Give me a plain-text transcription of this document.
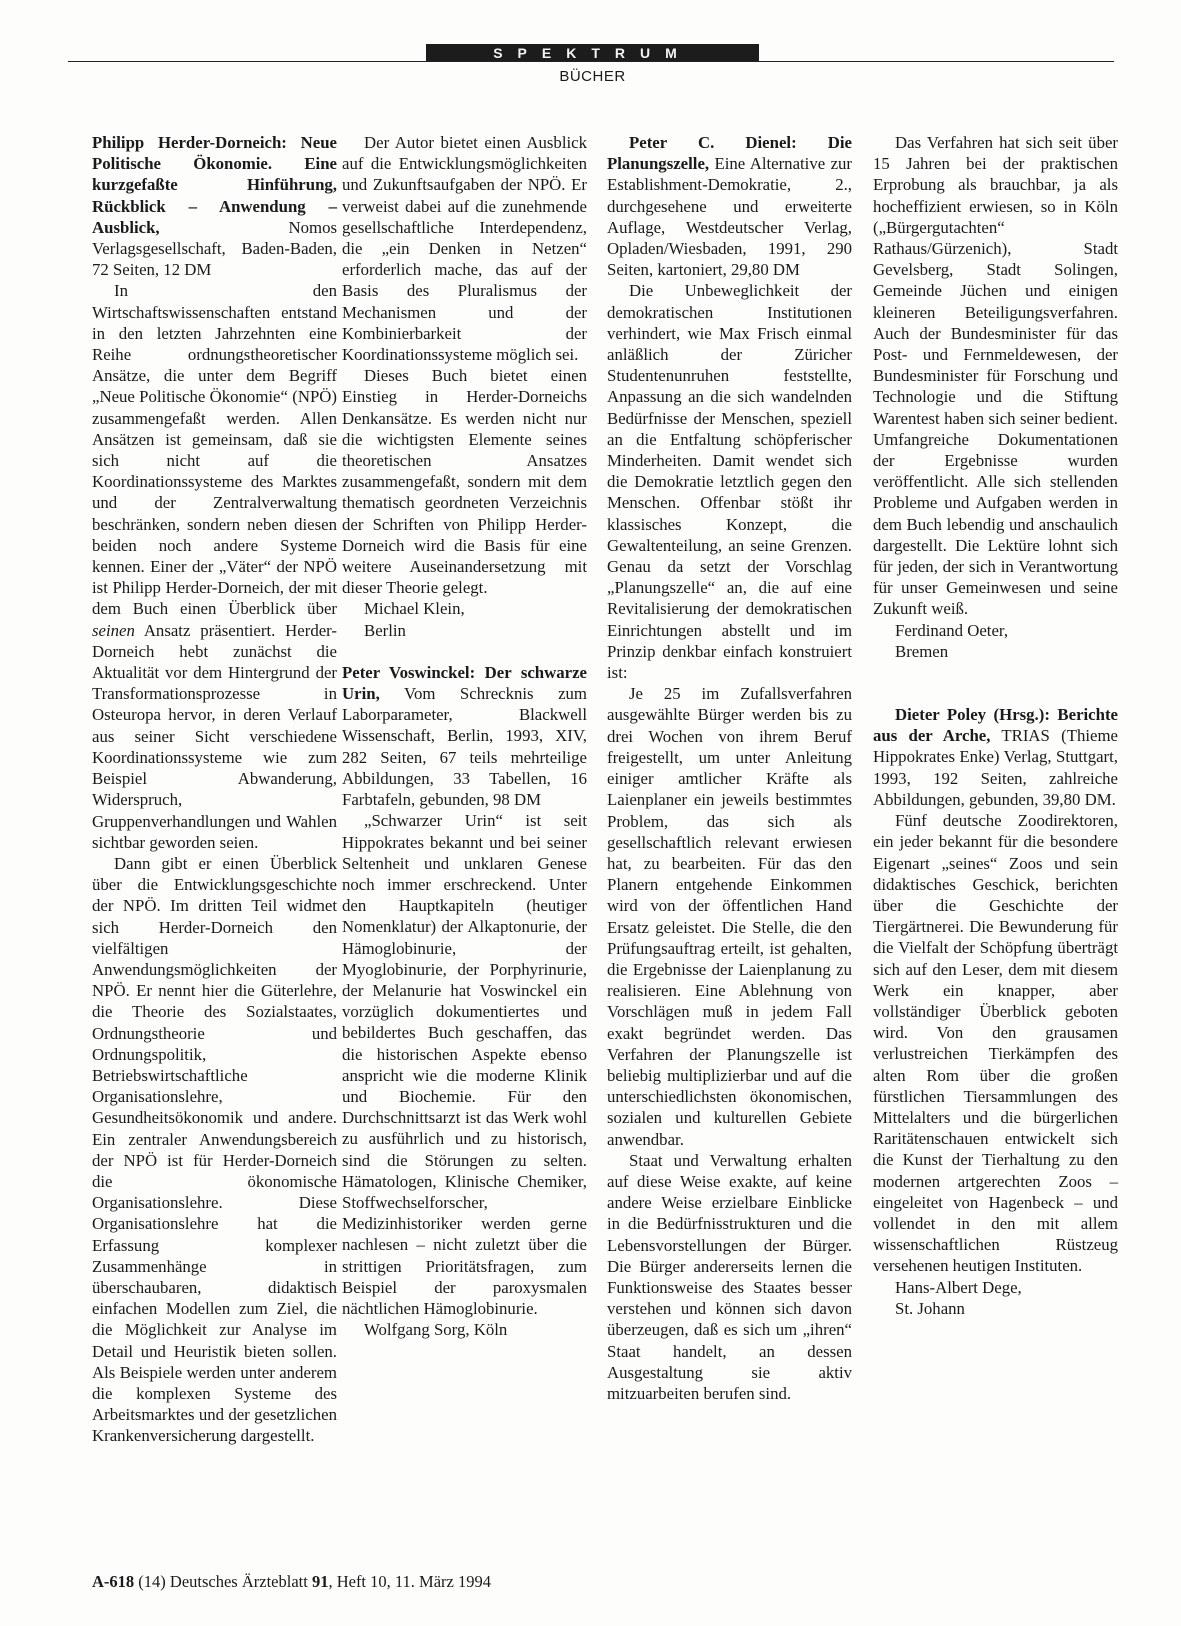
SPEKTRUM
BÜCHER

Philipp Herder-Dorneich: Neue Politische Ökonomie. Eine kurzgefaßte Hinführung, Rückblick – Anwendung – Ausblick, Nomos Verlagsgesellschaft, Baden-Baden, 72 Seiten, 12 DM

In den Wirtschaftswissenschaften entstand in den letzten Jahrzehnten eine Reihe ordnungstheoretischer Ansätze, die unter dem Begriff „Neue Politische Ökonomie“ (NPÖ) zusammengefaßt werden. Allen Ansätzen ist gemeinsam, daß sie sich nicht auf die Koordinationssysteme des Marktes und der Zentralverwaltung beschränken, sondern neben diesen beiden noch andere Systeme kennen. Einer der „Väter“ der NPÖ ist Philipp Herder-Dorneich, der mit dem Buch einen Überblick über seinen Ansatz präsentiert. Herder-Dorneich hebt zunächst die Aktualität vor dem Hintergrund der Transformationsprozesse in Osteuropa hervor, in deren Verlauf aus seiner Sicht verschiedene Koordinationssysteme wie zum Beispiel Abwanderung, Widerspruch, Gruppenverhandlungen und Wahlen sichtbar geworden seien.

Dann gibt er einen Überblick über die Entwicklungsgeschichte der NPÖ. Im dritten Teil widmet sich Herder-Dorneich den vielfältigen Anwendungsmöglichkeiten der NPÖ. Er nennt hier die Güterlehre, die Theorie des Sozialstaates, Ordnungstheorie und Ordnungspolitik, Betriebswirtschaftliche Organisationslehre, Gesundheitsökonomik und andere. Ein zentraler Anwendungsbereich der NPÖ ist für Herder-Dorneich die ökonomische Organisationslehre. Diese Organisationslehre hat die Erfassung komplexer Zusammenhänge in überschaubaren, didaktisch einfachen Modellen zum Ziel, die die Möglichkeit zur Analyse im Detail und Heuristik bieten sollen. Als Beispiele werden unter anderem die komplexen Systeme des Arbeitsmarktes und der gesetzlichen Krankenversicherung dargestellt.

Der Autor bietet einen Ausblick auf die Entwicklungsmöglichkeiten und Zukunftsaufgaben der NPÖ. Er verweist dabei auf die zunehmende gesellschaftliche Interdependenz, die „ein Denken in Netzen“ erforderlich mache, das auf der Basis des Pluralismus der Mechanismen und der Kombinierbarkeit der Koordinationssysteme möglich sei.

Dieses Buch bietet einen Einstieg in Herder-Dorneichs Denkansätze. Es werden nicht nur die wichtigsten Elemente seines theoretischen Ansatzes zusammengefaßt, sondern mit dem thematisch geordneten Verzeichnis der Schriften von Philipp Herder-Dorneich wird die Basis für eine weitere Auseinandersetzung mit dieser Theorie gelegt.

Michael Klein,

Berlin

Peter Voswinckel: Der schwarze Urin, Vom Schrecknis zum Laborparameter, Blackwell Wissenschaft, Berlin, 1993, XIV, 282 Seiten, 67 teils mehrteilige Abbildungen, 33 Tabellen, 16 Farbtafeln, gebunden, 98 DM

„Schwarzer Urin“ ist seit Hippokrates bekannt und bei seiner Seltenheit und unklaren Genese noch immer erschreckend. Unter den Hauptkapiteln (heutiger Nomenklatur) der Alkaptonurie, der Hämoglobinurie, der Myoglobinurie, der Porphyrinurie, der Melanurie hat Voswinckel ein vorzüglich dokumentiertes und bebildertes Buch geschaffen, das die historischen Aspekte ebenso anspricht wie die moderne Klinik und Biochemie. Für den Durchschnittsarzt ist das Werk wohl zu ausführlich und zu historisch, sind die Störungen zu selten. Hämatologen, Klinische Chemiker, Stoffwechselforscher, Medizinhistoriker werden gerne nachlesen – nicht zuletzt über die strittigen Prioritätsfragen, zum Beispiel der paroxysmalen nächtlichen Hämoglobinurie.

Wolfgang Sorg, Köln

Peter C. Dienel: Die Planungszelle, Eine Alternative zur Establishment-Demokratie, 2., durchgesehene und erweiterte Auflage, Westdeutscher Verlag, Opladen/Wiesbaden, 1991, 290 Seiten, kartoniert, 29,80 DM

Die Unbeweglichkeit der demokratischen Institutionen verhindert, wie Max Frisch einmal anläßlich der Züricher Studentenunruhen feststellte, Anpassung an die sich wandelnden Bedürfnisse der Menschen, speziell an die Entfaltung schöpferischer Minderheiten. Damit wendet sich die Demokratie letztlich gegen den Menschen. Offenbar stößt ihr klassisches Konzept, die Gewaltenteilung, an seine Grenzen. Genau da setzt der Vorschlag „Planungszelle“ an, die auf eine Revitalisierung der demokratischen Einrichtungen abstellt und im Prinzip denkbar einfach konstruiert ist:

Je 25 im Zufallsverfahren ausgewählte Bürger werden bis zu drei Wochen von ihrem Beruf freigestellt, um unter Anleitung einiger amtlicher Kräfte als Laienplaner ein jeweils bestimmtes Problem, das sich als gesellschaftlich relevant erwiesen hat, zu bearbeiten. Für das den Planern entgehende Einkommen wird von der öffentlichen Hand Ersatz geleistet. Die Stelle, die den Prüfungsauftrag erteilt, ist gehalten, die Ergebnisse der Laienplanung zu realisieren. Eine Ablehnung von Vorschlägen muß in jedem Fall exakt begründet werden. Das Verfahren der Planungszelle ist beliebig multiplizierbar und auf die unterschiedlichsten ökonomischen, sozialen und kulturellen Gebiete anwendbar.

Staat und Verwaltung erhalten auf diese Weise exakte, auf keine andere Weise erzielbare Einblicke in die Bedürfnisstrukturen und die Lebensvorstellungen der Bürger. Die Bürger andererseits lernen die Funktionsweise des Staates besser verstehen und können sich davon überzeugen, daß es sich um „ihren“ Staat handelt, an dessen Ausgestaltung sie aktiv mitzuarbeiten berufen sind.

Das Verfahren hat sich seit über 15 Jahren bei der praktischen Erprobung als brauchbar, ja als hocheffizient erwiesen, so in Köln („Bürgergutachten“ Rathaus/Gürzenich), Stadt Gevelsberg, Stadt Solingen, Gemeinde Jüchen und einigen kleineren Beteiligungsverfahren. Auch der Bundesminister für das Post- und Fernmeldewesen, der Bundesminister für Forschung und Technologie und die Stiftung Warentest haben sich seiner bedient. Umfangreiche Dokumentationen der Ergebnisse wurden veröffentlicht. Alle sich stellenden Probleme und Aufgaben werden in dem Buch lebendig und anschaulich dargestellt. Die Lektüre lohnt sich für jeden, der sich in Verantwortung für unser Gemeinwesen und seine Zukunft weiß.

Ferdinand Oeter,

Bremen

Dieter Poley (Hrsg.): Berichte aus der Arche, TRIAS (Thieme Hippokrates Enke) Verlag, Stuttgart, 1993, 192 Seiten, zahlreiche Abbildungen, gebunden, 39,80 DM.

Fünf deutsche Zoodirektoren, ein jeder bekannt für die besondere Eigenart „seines“ Zoos und sein didaktisches Geschick, berichten über die Geschichte der Tiergärtnerei. Die Bewunderung für die Vielfalt der Schöpfung überträgt sich auf den Leser, dem mit diesem Werk ein knapper, aber vollständiger Überblick geboten wird. Von den grausamen verlustreichen Tierkämpfen des alten Rom über die großen fürstlichen Tiersammlungen des Mittelalters und die bürgerlichen Raritätenschauen entwickelt sich die Kunst der Tierhaltung zu den modernen artgerechten Zoos – eingeleitet von Hagenbeck – und vollendet in den mit allem wissenschaftlichen Rüstzeug versehenen heutigen Instituten.

Hans-Albert Dege,

St. Johann

A-618 (14) Deutsches Ärzteblatt 91, Heft 10, 11. März 1994
